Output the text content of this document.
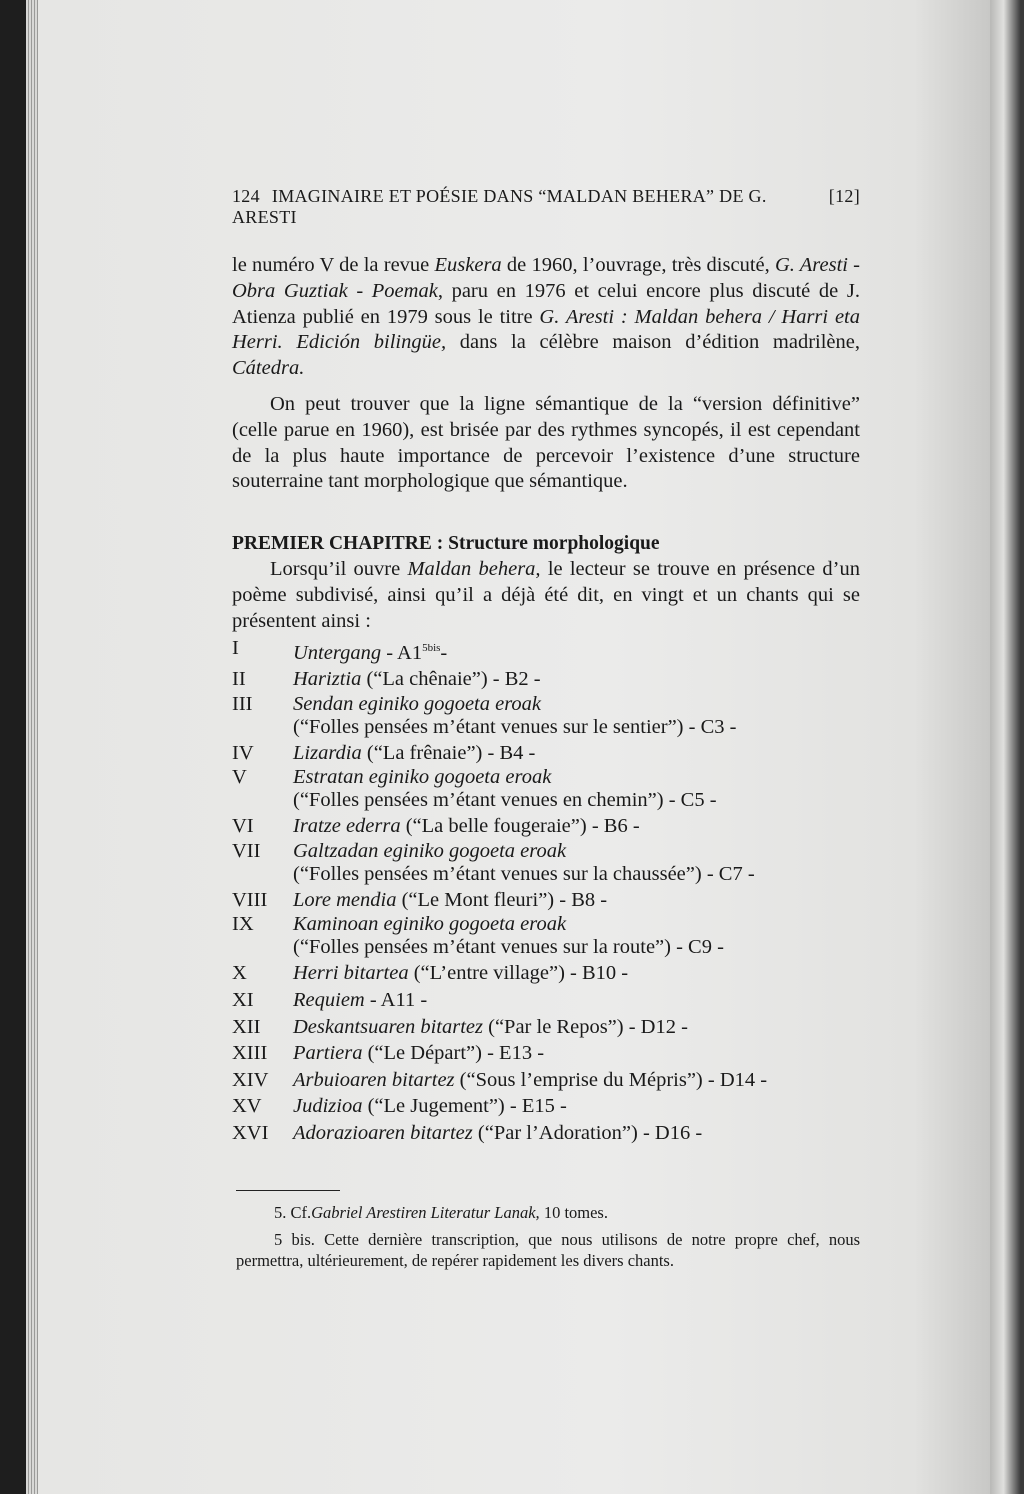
124 IMAGINAIRE ET POÉSIE DANS “MALDAN BEHERA” DE G. ARESTI
[12]

le numéro V de la revue Euskera de 1960, l’ouvrage, très discuté, G. Aresti - Obra Guztiak - Poemak, paru en 1976 et celui encore plus discuté de J. Atienza publié en 1979 sous le titre G. Aresti : Maldan behera / Harri eta Herri. Edición bilingüe, dans la célèbre maison d’édition madrilène, Cátedra.

On peut trouver que la ligne sémantique de la “version définitive” (celle parue en 1960), est brisée par des rythmes syncopés, il est cependant de la plus haute importance de percevoir l’existence d’une structure souterraine tant morphologique que sémantique.

PREMIER CHAPITRE : Structure morphologique

Lorsqu’il ouvre Maldan behera, le lecteur se trouve en présence d’un poème subdivisé, ainsi qu’il a déjà été dit, en vingt et un chants qui se présentent ainsi :

I	Untergang - $A1^{5bis}-$
II	Hariztia (“La chênaie”) - B2 -
III	Sendan eginiko gogoeta eroak
(“Folles pensées m’étant venues sur le sentier”) - C3 -
IV	Lizardia (“La frênaie”) - B4 -
V	Estratan eginiko gogoeta eroak
(“Folles pensées m’étant venues en chemin”) - C5 -
VI	Iratze ederra (“La belle fougeraie”) - B6 -
VII	Galtzadan eginiko gogoeta eroak
(“Folles pensées m’étant venues sur la chaussée”) - C7 -
VIII	Lore mendia (“Le Mont fleuri”) - B8 -
IX	Kaminoan eginiko gogoeta eroak
(“Folles pensées m’étant venues sur la route”) - C9 -
X	Herri bitartea (“L’entre village”) - B10 -
XI	Requiem - A11 -
XII	Deskantsuaren bitartez (“Par le Repos”) - D12 -
XIII	Partiera (“Le Départ”) - E13 -
XIV	Arbuioaren bitartez (“Sous l’emprise du Mépris”) - D14 -
XV	Judizioa (“Le Jugement”) - E15 -
XVI	Adorazioaren bitartez (“Par l’Adoration”) - D16 -

5. Cf.Gabriel Arestiren Literatur Lanak, 10 tomes.

5 bis. Cette dernière transcription, que nous utilisons de notre propre chef, nous permettra, ultérieurement, de repérer rapidement les divers chants.
